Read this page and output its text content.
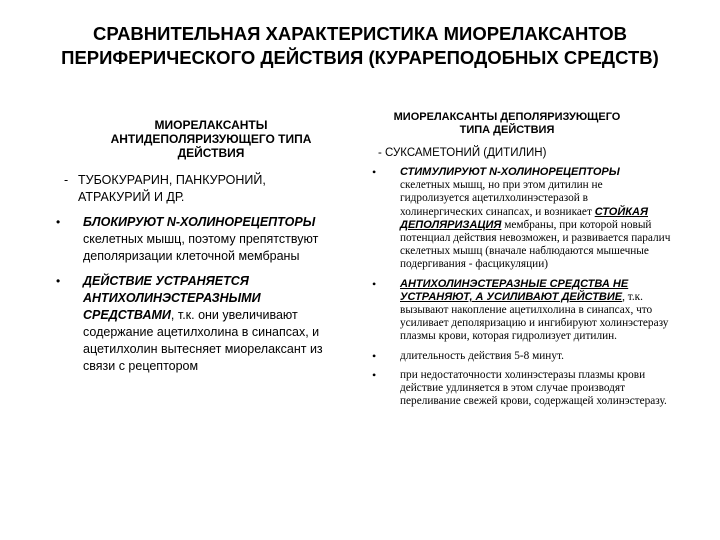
СРАВНИТЕЛЬНАЯ ХАРАКТЕРИСТИКА МИОРЕЛАКСАНТОВ ПЕРИФЕРИЧЕСКОГО ДЕЙСТВИЯ (КУРАРЕПОДОБНЫХ СРЕДСТВ)
МИОРЕЛАКСАНТЫ АНТИДЕПОЛЯРИЗУЮЩЕГО ТИПА ДЕЙСТВИЯ
- ТУБОКУРАРИН, ПАНКУРОНИЙ,
АТРАКУРИЙ И ДР.
• БЛОКИРУЮТ N-ХОЛИНОРЕЦЕПТОРЫ скелетных мышц, поэтому препятствуют деполяризации клеточной мембраны
• ДЕЙСТВИЕ УСТРАНЯЕТСЯ АНТИХОЛИНЭСТЕРАЗНЫМИ СРЕДСТВАМИ, т.к. они увеличивают содержание ацетилхолина в синапсах, и ацетилхолин вытесняет миорелаксант из связи с рецептором
МИОРЕЛАКСАНТЫ ДЕПОЛЯРИЗУЮЩЕГО ТИПА ДЕЙСТВИЯ
- СУКСАМЕТОНИЙ (ДИТИЛИН)
• СТИМУЛИРУЮТ N-ХОЛИНОРЕЦЕПТОРЫ скелетных мышц, но при этом дитилин не гидролизуется ацетилхолинэстеразой в холинергических синапсах, и возникает СТОЙКАЯ ДЕПОЛЯРИЗАЦИЯ мембраны, при которой новый потенциал действия невозможен, и развивается паралич скелетных мышц (вначале наблюдаются мышечные подергивания - фасцикуляции)
• АНТИХОЛИНЭСТЕРАЗНЫЕ СРЕДСТВА НЕ УСТРАНЯЮТ, А УСИЛИВАЮТ ДЕЙСТВИЕ, т.к. вызывают накопление ацетилхолина в синапсах, что усиливает деполяризацию и ингибируют холинэстеразу плазмы крови, которая гидролизует дитилин.
• длительность действия 5-8 минут.
• при недостаточности холинэстеразы плазмы крови действие удлиняется в этом случае производят переливание свежей крови, содержащей холинэстеразу.
